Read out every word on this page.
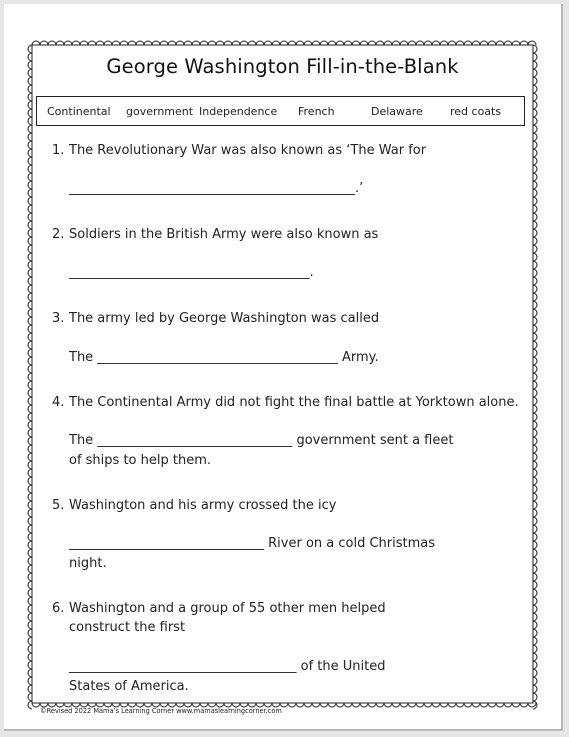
George Washington Fill-in-the-Blank
Continental government Independence French	Delaware red coats
1. The Revolutionary War was also known as ‘The War for
____________________________________________.’
2. Soldiers in the British Army were also known as
_____________________________________.
3. The army led by George Washington was called
The _____________________________________ Army.
4. The Continental Army did not fight the final battle at Yorktown alone.
The ______________________________ government sent a fleet
of ships to help them.
5. Washington and his army crossed the icy
______________________________ River on a cold Christmas
night.
6. Washington and a group of 55 other men helped
construct the first
___________________________________ of the United
States of America.
©Revised 2022 Mama’s Learning Corner www.mamaslearningcorner.com
